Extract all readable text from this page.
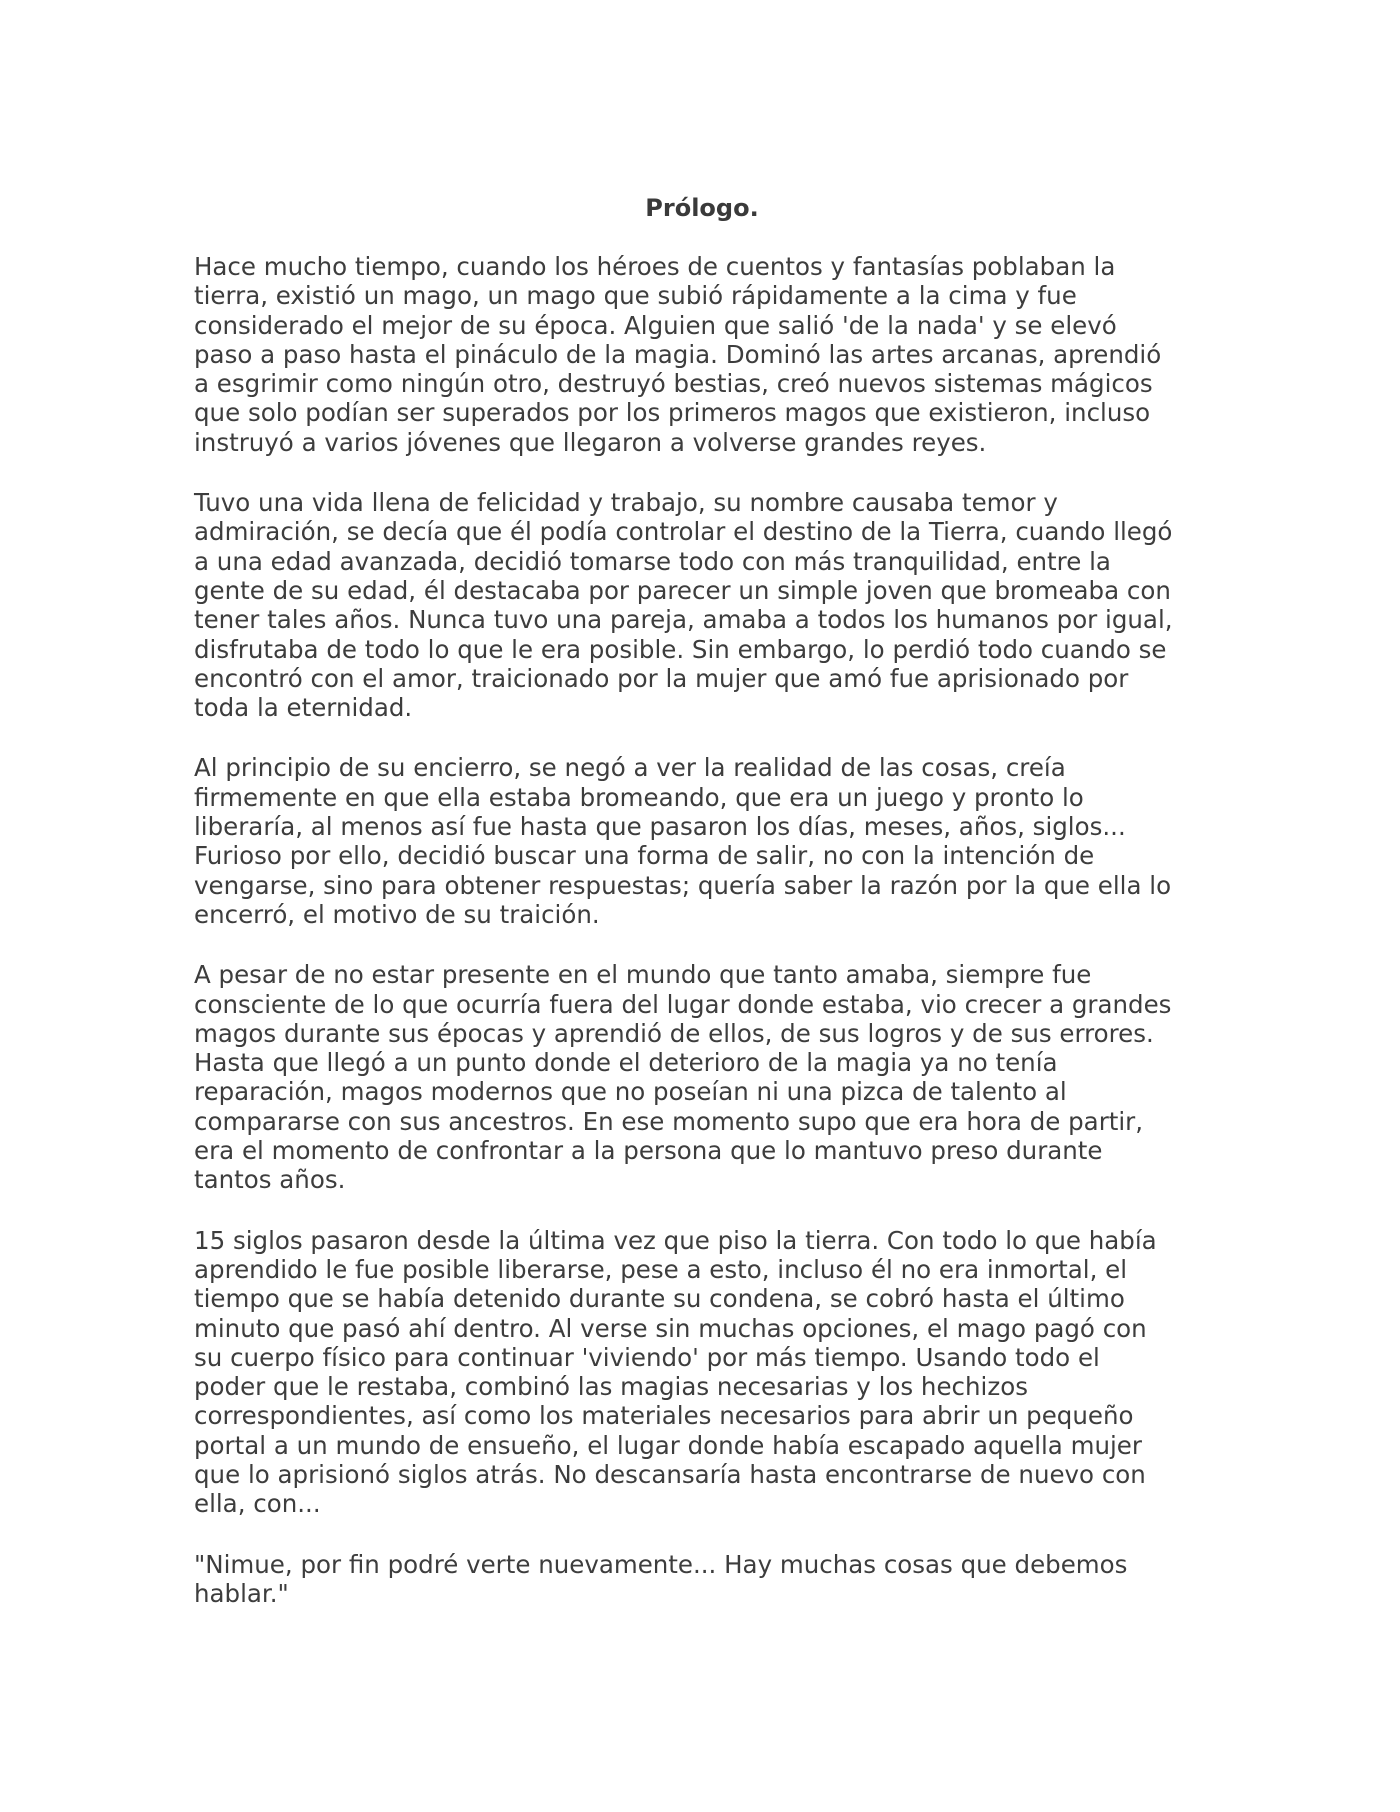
Prólogo.
Hace mucho tiempo, cuando los héroes de cuentos y fantasías poblaban la
tierra, existió un mago, un mago que subió rápidamente a la cima y fue
considerado el mejor de su época. Alguien que salió 'de la nada' y se elevó
paso a paso hasta el pináculo de la magia. Dominó las artes arcanas, aprendió
a esgrimir como ningún otro, destruyó bestias, creó nuevos sistemas mágicos
que solo podían ser superados por los primeros magos que existieron, incluso
instruyó a varios jóvenes que llegaron a volverse grandes reyes.
Tuvo una vida llena de felicidad y trabajo, su nombre causaba temor y
admiración, se decía que él podía controlar el destino de la Tierra, cuando llegó
a una edad avanzada, decidió tomarse todo con más tranquilidad, entre la
gente de su edad, él destacaba por parecer un simple joven que bromeaba con
tener tales años. Nunca tuvo una pareja, amaba a todos los humanos por igual,
disfrutaba de todo lo que le era posible. Sin embargo, lo perdió todo cuando se
encontró con el amor, traicionado por la mujer que amó fue aprisionado por
toda la eternidad.
Al principio de su encierro, se negó a ver la realidad de las cosas, creía
firmemente en que ella estaba bromeando, que era un juego y pronto lo
liberaría, al menos así fue hasta que pasaron los días, meses, años, siglos...
Furioso por ello, decidió buscar una forma de salir, no con la intención de
vengarse, sino para obtener respuestas; quería saber la razón por la que ella lo
encerró, el motivo de su traición.
A pesar de no estar presente en el mundo que tanto amaba, siempre fue
consciente de lo que ocurría fuera del lugar donde estaba, vio crecer a grandes
magos durante sus épocas y aprendió de ellos, de sus logros y de sus errores.
Hasta que llegó a un punto donde el deterioro de la magia ya no tenía
reparación, magos modernos que no poseían ni una pizca de talento al
compararse con sus ancestros. En ese momento supo que era hora de partir,
era el momento de confrontar a la persona que lo mantuvo preso durante
tantos años.
15 siglos pasaron desde la última vez que piso la tierra. Con todo lo que había
aprendido le fue posible liberarse, pese a esto, incluso él no era inmortal, el
tiempo que se había detenido durante su condena, se cobró hasta el último
minuto que pasó ahí dentro. Al verse sin muchas opciones, el mago pagó con
su cuerpo físico para continuar 'viviendo' por más tiempo. Usando todo el
poder que le restaba, combinó las magias necesarias y los hechizos
correspondientes, así como los materiales necesarios para abrir un pequeño
portal a un mundo de ensueño, el lugar donde había escapado aquella mujer
que lo aprisionó siglos atrás. No descansaría hasta encontrarse de nuevo con
ella, con...
"Nimue, por fin podré verte nuevamente... Hay muchas cosas que debemos
hablar."
